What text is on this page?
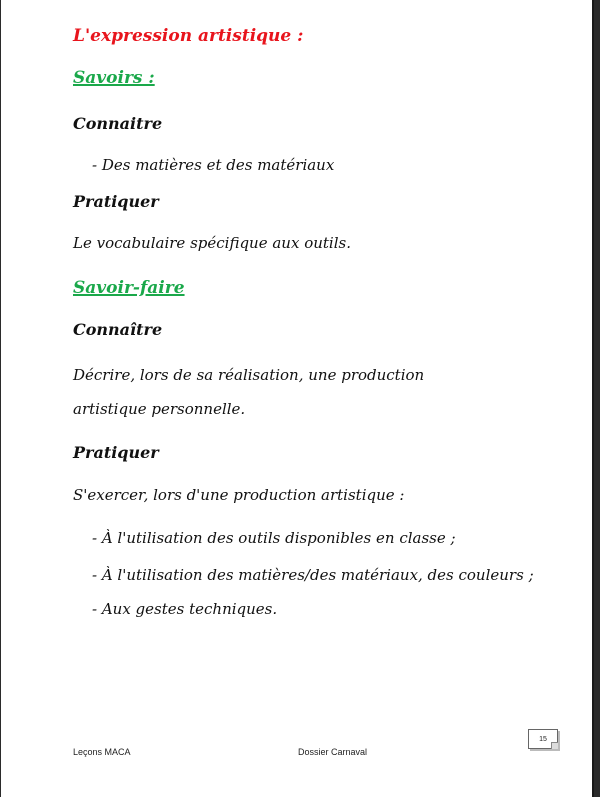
L'expression artistique :
Savoirs :
Connaitre
- Des matières et des matériaux
Pratiquer
Le vocabulaire spécifique aux outils.
Savoir-faire
Connaître
Décrire, lors de sa réalisation, une production
artistique personnelle.
Pratiquer
S'exercer, lors d'une production artistique :
- À l'utilisation des outils disponibles en classe ;
- À l'utilisation des matières/des matériaux, des couleurs ;
- Aux gestes techniques.
15
Leçons MACA	Dossier Carnaval
